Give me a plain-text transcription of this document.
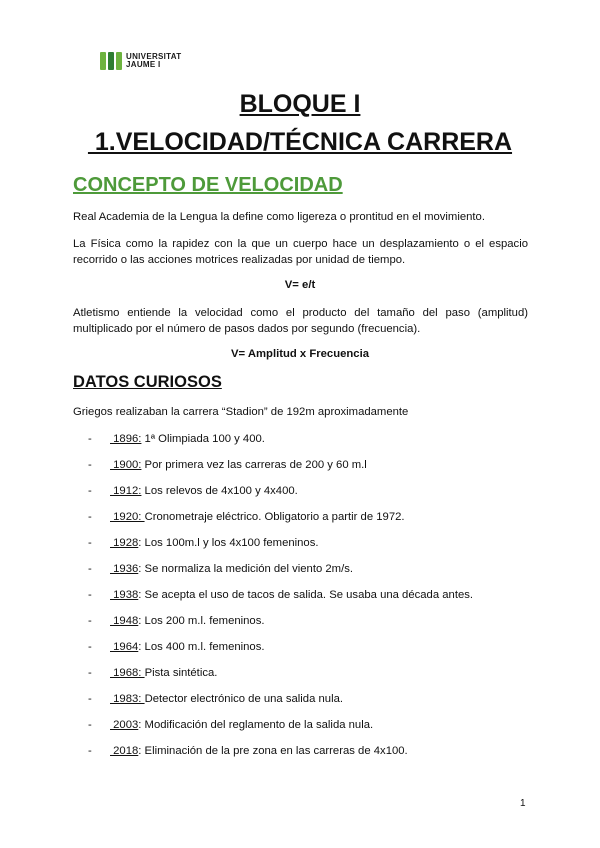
UNIVERSITAT
JAUME I
BLOQUE I
1.VELOCIDAD/TÉCNICA CARRERA
CONCEPTO DE VELOCIDAD
Real Academia de la Lengua la define como ligereza o prontitud en el movimiento.
La Física como la rapidez con la que un cuerpo hace un desplazamiento o el espacio recorrido o las acciones motrices realizadas por unidad de tiempo.
V= e/t
Atletismo entiende la velocidad como el producto del tamaño del paso (amplitud) multiplicado por el número de pasos dados por segundo (frecuencia).
V= Amplitud x Frecuencia
DATOS CURIOSOS
Griegos realizaban la carrera “Stadion” de 192m aproximadamente
- 1896: 1ª Olimpiada 100 y 400.
- 1900: Por primera vez las carreras de 200 y 60 m.l
- 1912: Los relevos de 4x100 y 4x400.
- 1920: Cronometraje eléctrico. Obligatorio a partir de 1972.
- 1928: Los 100m.l y los 4x100 femeninos.
- 1936: Se normaliza la medición del viento 2m/s.
- 1938: Se acepta el uso de tacos de salida. Se usaba una década antes.
- 1948: Los 200 m.l. femeninos.
- 1964: Los 400 m.l. femeninos.
- 1968: Pista sintética.
- 1983: Detector electrónico de una salida nula.
- 2003: Modificación del reglamento de la salida nula.
- 2018: Eliminación de la pre zona en las carreras de 4x100.
1
